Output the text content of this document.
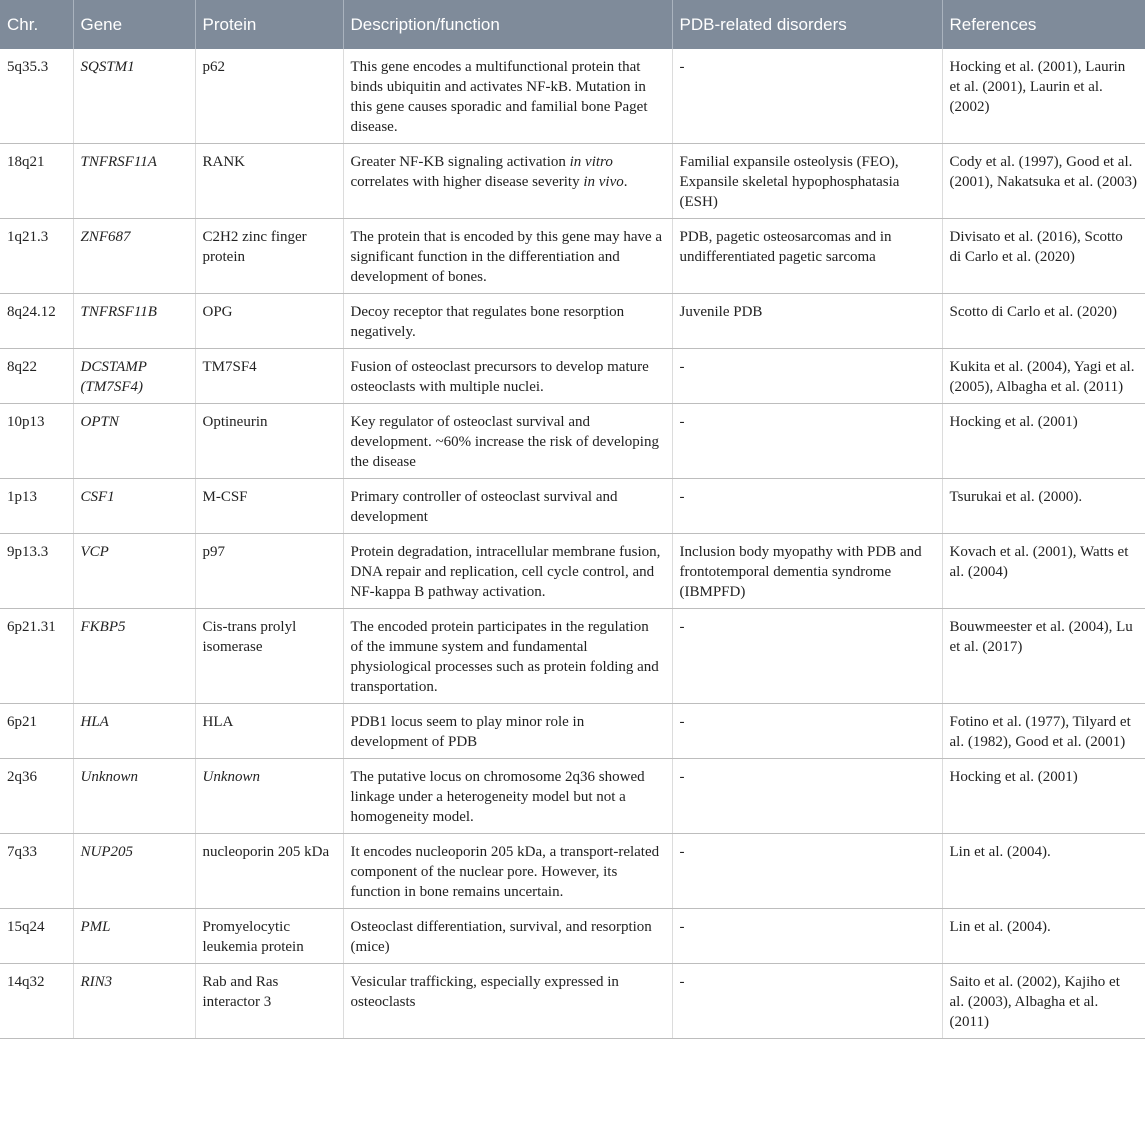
Chr.	Gene	Protein	Description/function	PDB-related disorders	References
5q35.3	SQSTM1	p62	This gene encodes a multifunctional protein that binds ubiquitin and activates NF-kB. Mutation in this gene causes sporadic and familial bone Paget disease.	-	Hocking et al. (2001), Laurin et al. (2001), Laurin et al. (2002)
18q21	TNFRSF11A	RANK	Greater NF-KB signaling activation in vitro correlates with higher disease severity in vivo.	Familial expansile osteolysis (FEO), Expansile skeletal hypophosphatasia (ESH)	Cody et al. (1997), Good et al. (2001), Nakatsuka et al. (2003)
1q21.3	ZNF687	C2H2 zinc finger protein	The protein that is encoded by this gene may have a significant function in the differentiation and development of bones.	PDB, pagetic osteosarcomas and in undifferentiated pagetic sarcoma	Divisato et al. (2016), Scotto di Carlo et al. (2020)
8q24.12	TNFRSF11B	OPG	Decoy receptor that regulates bone resorption negatively.	Juvenile PDB	Scotto di Carlo et al. (2020)
8q22	DCSTAMP (TM7SF4)	TM7SF4	Fusion of osteoclast precursors to develop mature osteoclasts with multiple nuclei.	-	Kukita et al. (2004), Yagi et al. (2005), Albagha et al. (2011)
10p13	OPTN	Optineurin	Key regulator of osteoclast survival and development. ~60% increase the risk of developing the disease	-	Hocking et al. (2001)
1p13	CSF1	M-CSF	Primary controller of osteoclast survival and development	-	Tsurukai et al. (2000).
9p13.3	VCP	p97	Protein degradation, intracellular membrane fusion, DNA repair and replication, cell cycle control, and NF-kappa B pathway activation.	Inclusion body myopathy with PDB and frontotemporal dementia syndrome (IBMPFD)	Kovach et al. (2001), Watts et al. (2004)
6p21.31	FKBP5	Cis-trans prolyl isomerase	The encoded protein participates in the regulation of the immune system and fundamental physiological processes such as protein folding and transportation.	-	Bouwmeester et al. (2004), Lu et al. (2017)
6p21	HLA	HLA	PDB1 locus seem to play minor role in development of PDB	-	Fotino et al. (1977), Tilyard et al. (1982), Good et al. (2001)
2q36	Unknown	Unknown	The putative locus on chromosome 2q36 showed linkage under a heterogeneity model but not a homogeneity model.	-	Hocking et al. (2001)
7q33	NUP205	nucleoporin 205 kDa	It encodes nucleoporin 205 kDa, a transport-related component of the nuclear pore. However, its function in bone remains uncertain.	-	Lin et al. (2004).
15q24	PML	Promyelocytic leukemia protein	Osteoclast differentiation, survival, and resorption (mice)	-	Lin et al. (2004).
14q32	RIN3	Rab and Ras interactor 3	Vesicular trafficking, especially expressed in osteoclasts	-	Saito et al. (2002), Kajiho et al. (2003), Albagha et al. (2011)
